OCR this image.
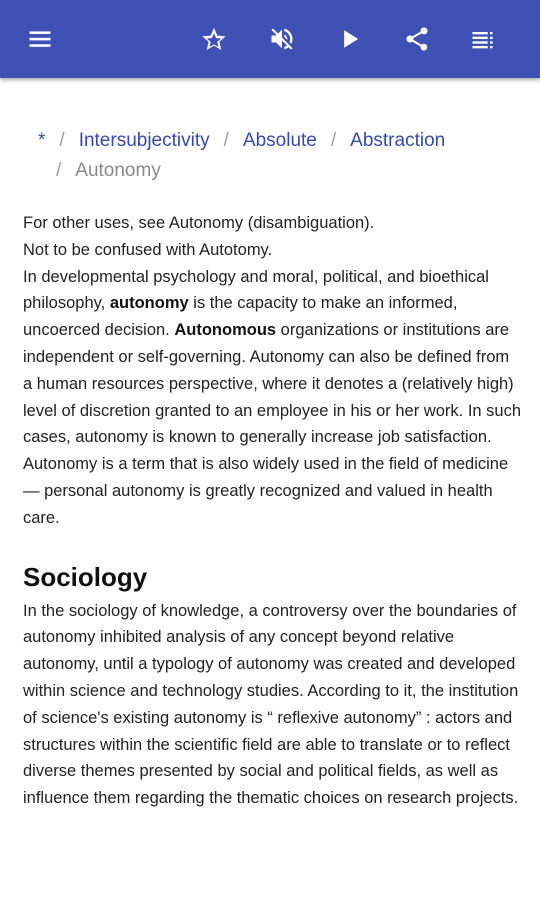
* / Intersubjectivity / Absolute / Abstraction
/ Autonomy

For other uses, see Autonomy (disambiguation).

Not to be confused with Autotomy.

In developmental psychology and moral, political, and bioethical philosophy, autonomy is the capacity to make an informed, uncoerced decision. Autonomous organizations or institutions are independent or self-governing. Autonomy can also be defined from a human resources perspective, where it denotes a (relatively high) level of discretion granted to an employee in his or her work. In such cases, autonomy is known to generally increase job satisfaction. Autonomy is a term that is also widely used in the field of medicine — personal autonomy is greatly recognized and valued in health care.

Sociology

In the sociology of knowledge, a controversy over the boundaries of autonomy inhibited analysis of any concept beyond relative autonomy, until a typology of autonomy was created and developed within science and technology studies. According to it, the institution of science's existing autonomy is “ reflexive autonomy” : actors and structures within the scientific field are able to translate or to reflect diverse themes presented by social and political fields, as well as influence them regarding the thematic choices on research projects.
